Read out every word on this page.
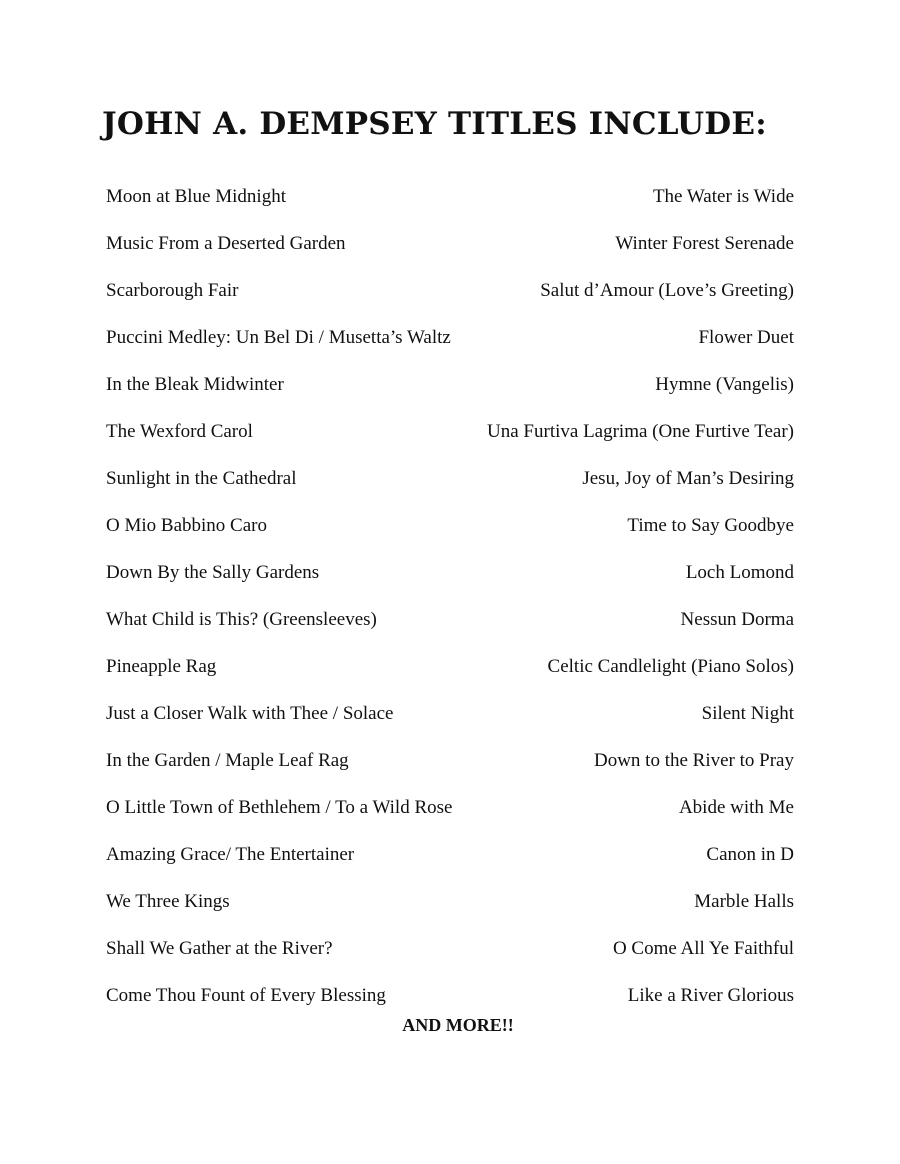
JOHN A. DEMPSEY TITLES INCLUDE:
Moon at Blue Midnight	The Water is Wide
Music From a Deserted Garden	Winter Forest Serenade
Scarborough Fair	Salut d’Amour (Love’s Greeting)
Puccini Medley: Un Bel Di / Musetta’s Waltz	Flower Duet
In the Bleak Midwinter	Hymne (Vangelis)
The Wexford Carol	Una Furtiva Lagrima (One Furtive Tear)
Sunlight in the Cathedral	Jesu, Joy of Man’s Desiring
O Mio Babbino Caro	Time to Say Goodbye
Down By the Sally Gardens	Loch Lomond
What Child is This? (Greensleeves)	Nessun Dorma
Pineapple Rag	Celtic Candlelight (Piano Solos)
Just a Closer Walk with Thee / Solace	Silent Night
In the Garden / Maple Leaf Rag	Down to the River to Pray
O Little Town of Bethlehem / To a Wild Rose	Abide with Me
Amazing Grace/ The Entertainer	Canon in D
We Three Kings	Marble Halls
Shall We Gather at the River?	O Come All Ye Faithful
Come Thou Fount of Every Blessing	Like a River Glorious

AND MORE!!
